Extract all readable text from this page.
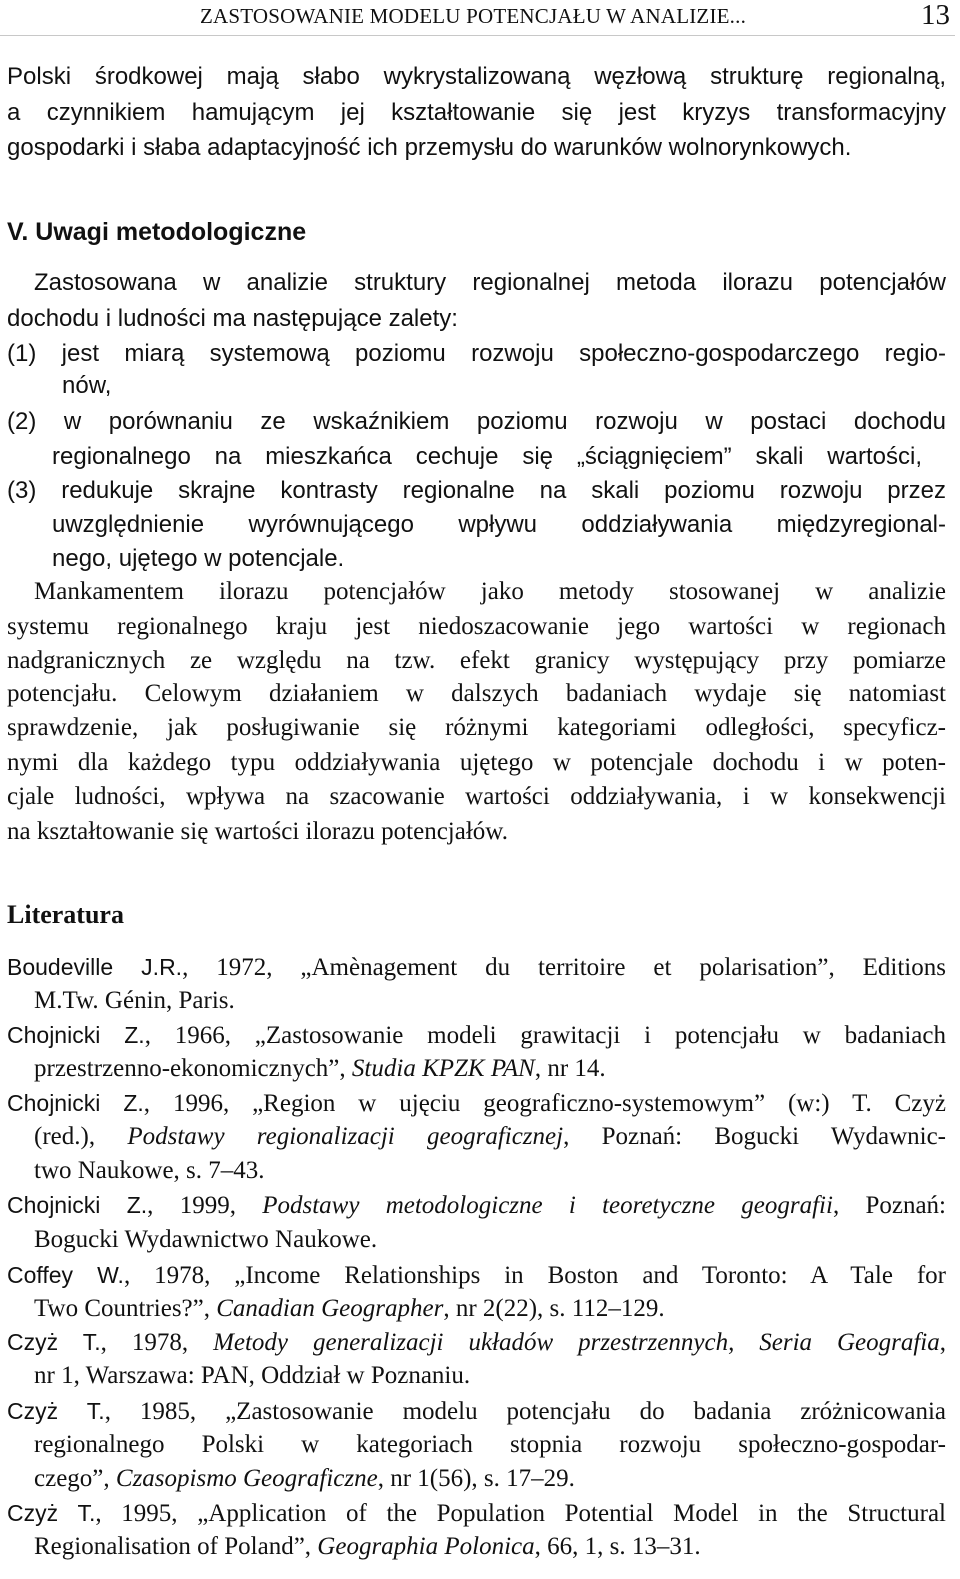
ZASTOSOWANIE MODELU POTENCJAŁU W ANALIZIE...	13
Polski środkowej mają słabo wykrystalizowaną węzłową strukturę regionalną,
a czynnikiem hamującym jej kształtowanie się jest kryzys transformacyjny
gospodarki i słaba adaptacyjność ich przemysłu do warunków wolnorynkowych.
V. Uwagi metodologiczne
Zastosowana w analizie struktury regionalnej metoda ilorazu potencjałów
dochodu i ludności ma następujące zalety:
(1) jest miarą systemową poziomu rozwoju społeczno-gospodarczego regio-
nów,
(2) w porównaniu ze wskaźnikiem poziomu rozwoju w postaci dochodu
regionalnego na mieszkańca cechuje się „ściągnięciem” skali wartości,
(3) redukuje skrajne kontrasty regionalne na skali poziomu rozwoju przez
uwzględnienie wyrównującego wpływu oddziaływania międzyregional-
nego, ujętego w potencjale.
Mankamentem ilorazu potencjałów jako metody stosowanej w analizie
systemu regionalnego kraju jest niedoszacowanie jego wartości w regionach
nadgranicznych ze względu na tzw. efekt granicy występujący przy pomiarze
potencjału. Celowym działaniem w dalszych badaniach wydaje się natomiast
sprawdzenie, jak posługiwanie się różnymi kategoriami odległości, specyficz-
nymi dla każdego typu oddziaływania ujętego w potencjale dochodu i w poten-
cjale ludności, wpływa na szacowanie wartości oddziaływania, i w konsekwencji
na kształtowanie się wartości ilorazu potencjałów.
Literatura
Boudeville J.R., 1972, „Amènagement du territoire et polarisation”, Editions
M.Tw. Génin, Paris.
Chojnicki Z., 1966, „Zastosowanie modeli grawitacji i potencjału w badaniach
przestrzenno-ekonomicznych”, Studia KPZK PAN, nr 14.
Chojnicki Z., 1996, „Region w ujęciu geograficzno-systemowym” (w:) T. Czyż
(red.), Podstawy regionalizacji geograficznej, Poznań: Bogucki Wydawnic-
two Naukowe, s. 7–43.
Chojnicki Z., 1999, Podstawy metodologiczne i teoretyczne geografii, Poznań:
Bogucki Wydawnictwo Naukowe.
Coffey W., 1978, „Income Relationships in Boston and Toronto: A Tale for
Two Countries?”, Canadian Geographer, nr 2(22), s. 112–129.
Czyż T., 1978, Metody generalizacji układów przestrzennych, Seria Geografia,
nr 1, Warszawa: PAN, Oddział w Poznaniu.
Czyż T., 1985, „Zastosowanie modelu potencjału do badania zróżnicowania
regionalnego Polski w kategoriach stopnia rozwoju społeczno-gospodar-
czego”, Czasopismo Geograficzne, nr 1(56), s. 17–29.
Czyż T., 1995, „Application of the Population Potential Model in the Structural
Regionalisation of Poland”, Geographia Polonica, 66, 1, s. 13–31.
